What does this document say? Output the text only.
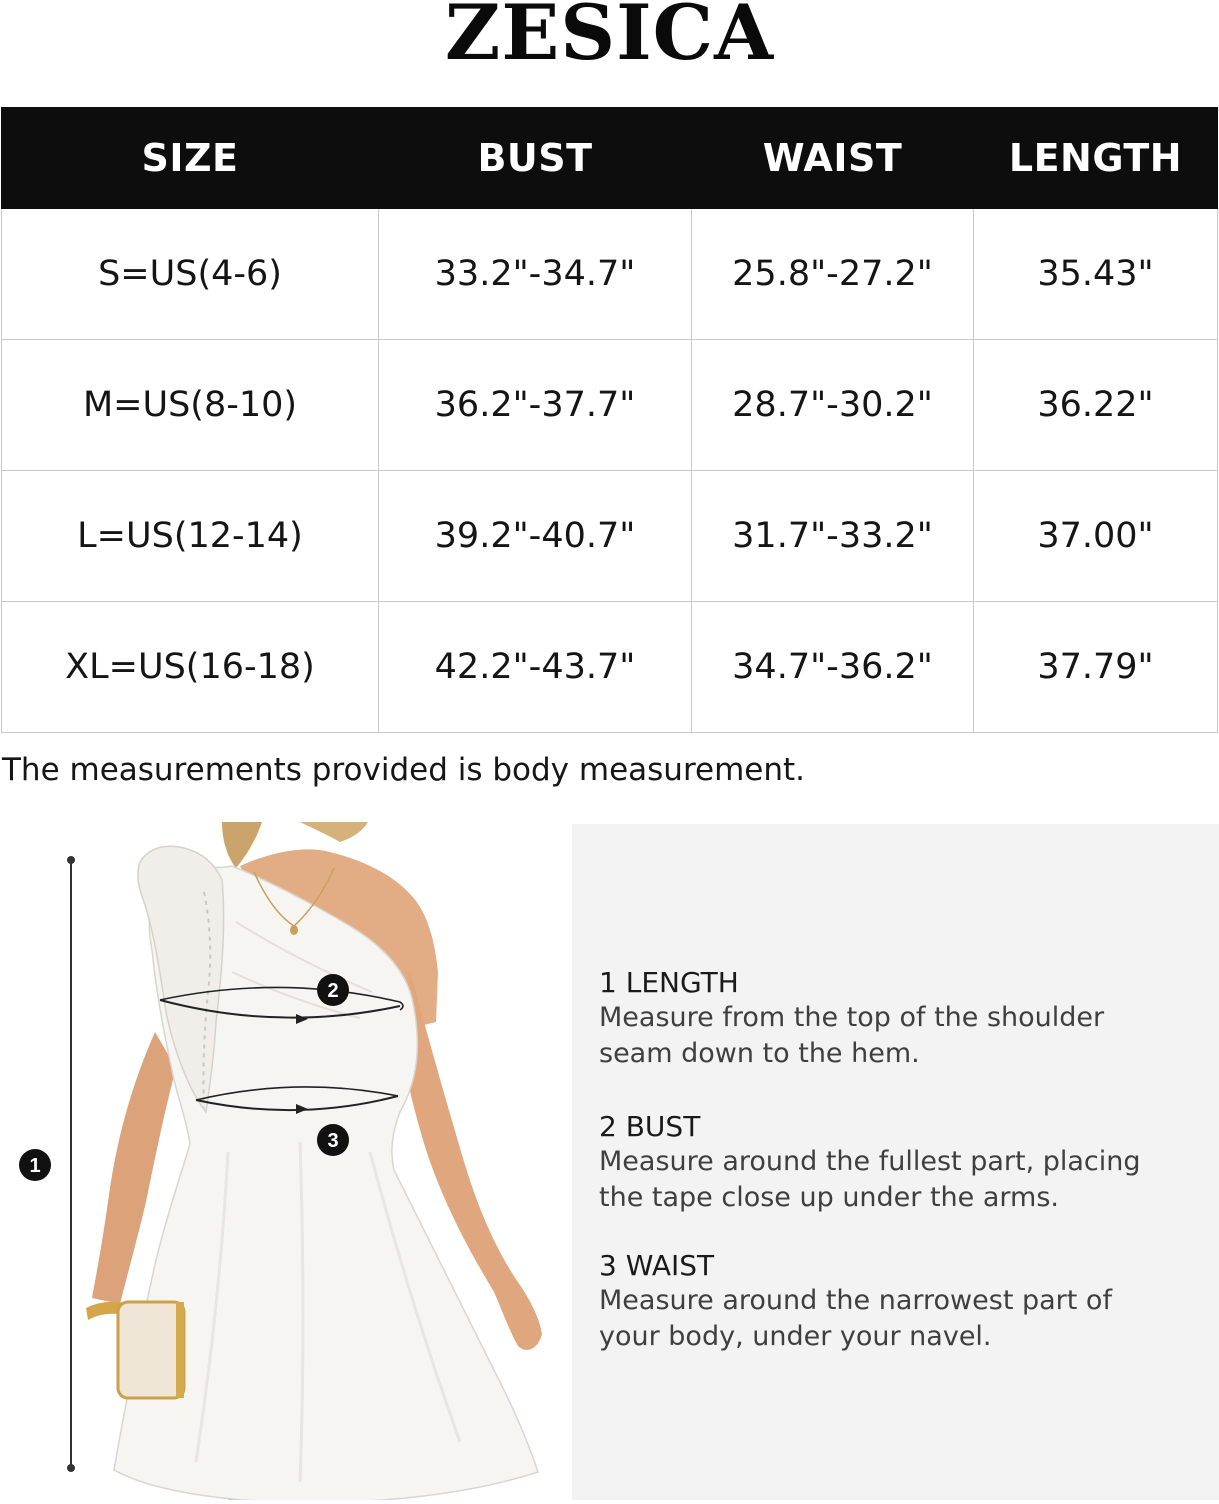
ZESICA
SIZE	BUST	WAIST	LENGTH
S=US(4-6)	33.2"-34.7"	25.8"-27.2"	35.43"
M=US(8-10)	36.2"-37.7"	28.7"-30.2"	36.22"
L=US(12-14)	39.2"-40.7"	31.7"-33.2"	37.00"
XL=US(16-18)	42.2"-43.7"	34.7"-36.2"	37.79"
The measurements provided is body measurement.
1
2
3
1 LENGTH
Measure from the top of the shoulder
seam down to the hem.
2 BUST
Measure around the fullest part, placing
the tape close up under the arms.
3 WAIST
Measure around the narrowest part of
your body, under your navel.
